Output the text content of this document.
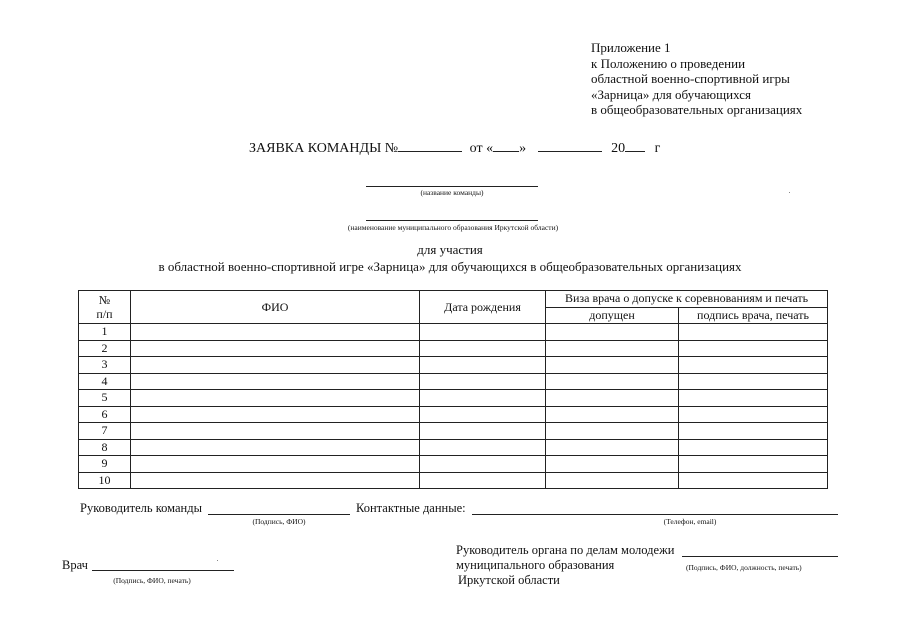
Приложение 1
к Положению о проведении
областной военно-спортивной игры
«Зарница» для обучающихся
в общеобразовательных организациях
ЗАЯВКА КОМАНДЫ №	от « »	20 г
(название команды)
(наименование муниципального образования Иркутской области)
для участия
в областной военно-спортивной игре «Зарница» для обучающихся в общеобразовательных организациях
№
п/п	ФИО	Дата рождения	Виза врача о допуске к соревнованиям и печать	
			допущен	подпись врача, печать
1				
2				
3				
4				
5				
6				
7				
8				
9				
10				
Руководитель команды
(Подпись, ФИО)
Контактные данные:
(Телефон, email)
Руководитель органа по делам молодежи
муниципального образования	(Подпись, ФИО, должность, печать)
Иркутской области
Врач
(Подпись, ФИО, печать)
